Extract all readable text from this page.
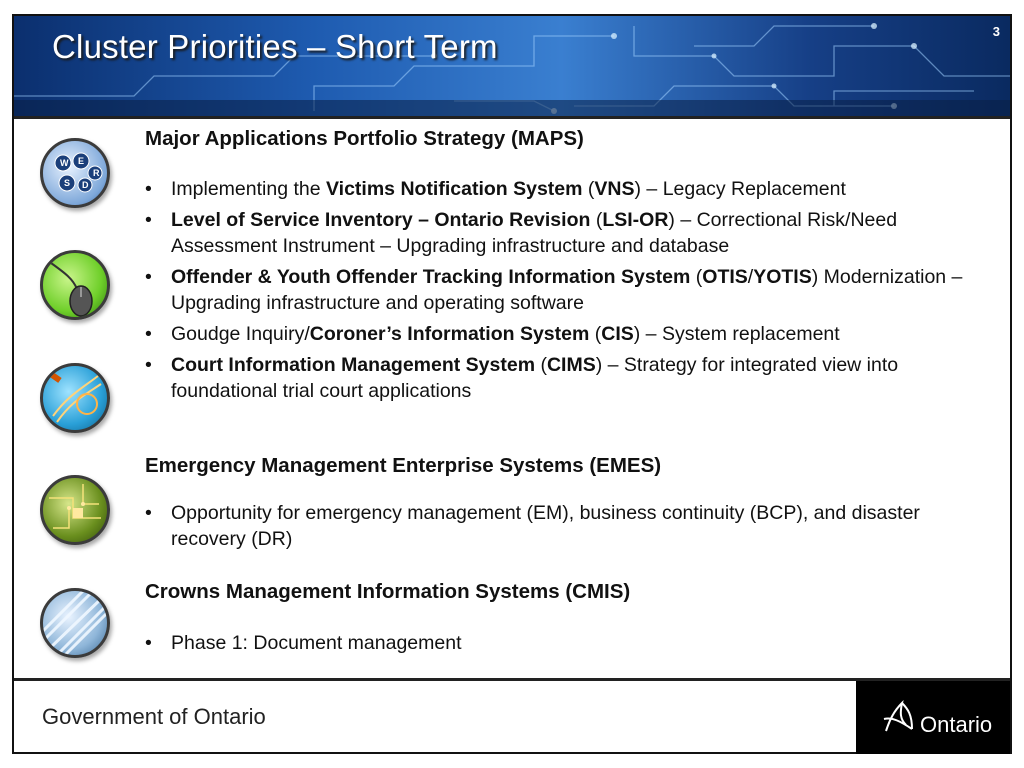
Cluster Priorities – Short Term	3
W E
R
S D
Major Applications Portfolio Strategy (MAPS)
• Implementing the Victims Notification System (VNS) – Legacy Replacement
• Level of Service Inventory – Ontario Revision (LSI-OR) – Correctional Risk/Need Assessment Instrument – Upgrading infrastructure and database
• Offender & Youth Offender Tracking Information System (OTIS/YOTIS) Modernization – Upgrading infrastructure and operating software
• Goudge Inquiry/Coroner’s Information System (CIS) – System replacement
• Court Information Management System (CIMS) – Strategy for integrated view into foundational trial court applications
Emergency Management Enterprise Systems (EMES)
• Opportunity for emergency management (EM), business continuity (BCP), and disaster recovery (DR)
Crowns Management Information Systems (CMIS)
• Phase 1: Document management
Government of Ontario	Ontario
